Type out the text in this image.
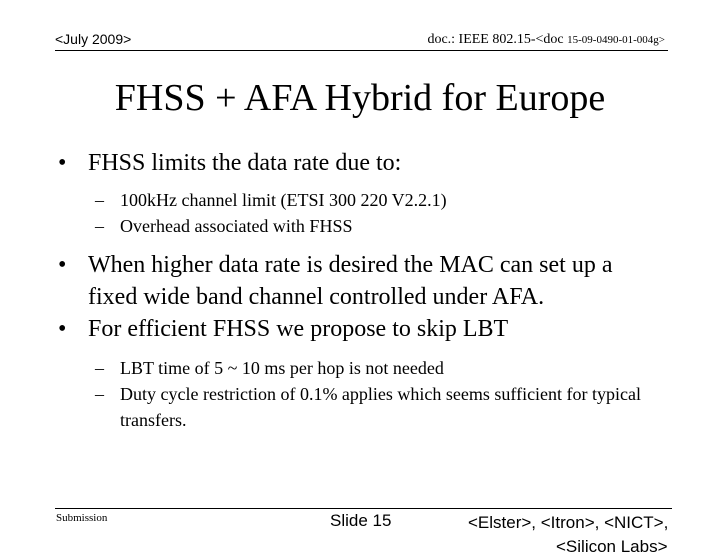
<July 2009>	doc.: IEEE 802.15-<doc 15-09-0490-01-004g>
FHSS + AFA Hybrid for Europe
• FHSS limits the data rate due to:
– 100kHz channel limit (ETSI 300 220 V2.2.1)
– Overhead associated with FHSS
• When higher data rate is desired the MAC can set up a fixed wide band channel controlled under AFA.
• For efficient FHSS we propose to skip LBT
– LBT time of 5 ~ 10 ms per hop is not needed
– Duty cycle restriction of 0.1% applies which seems sufficient for typical transfers.
Submission	Slide 15	<Elster>, <Itron>, <NICT>,
<Silicon Labs>
